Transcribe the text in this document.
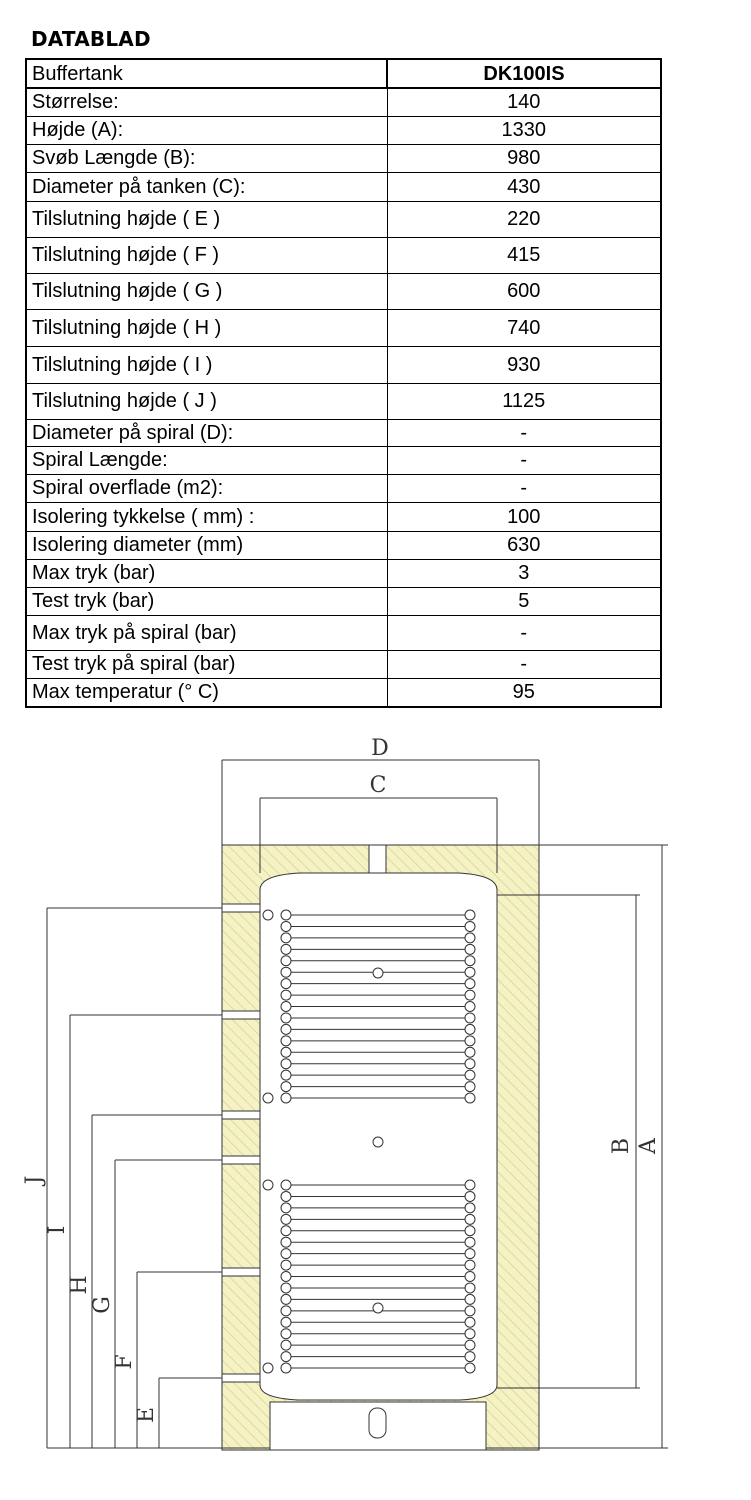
DATABLAD
Buffertank	DK100IS
Størrelse:	140
Højde (A):	1330
Svøb Længde (B):	980
Diameter på tanken (C):	430
Tilslutning højde ( E )	220
Tilslutning højde ( F )	415
Tilslutning højde ( G )	600
Tilslutning højde ( H )	740
Tilslutning højde ( I )	930
Tilslutning højde ( J )	1125
Diameter på spiral (D):	-
Spiral Længde:	-
Spiral overflade (m2):	-
Isolering tykkelse ( mm) :	100
Isolering diameter (mm)	630
Max tryk (bar)	3
Test tryk (bar)	5
Max tryk på spiral (bar)	-
Test tryk på spiral (bar)	-
Max temperatur (° C)	95
D
C
A
B
J
I
H
G
F
E
